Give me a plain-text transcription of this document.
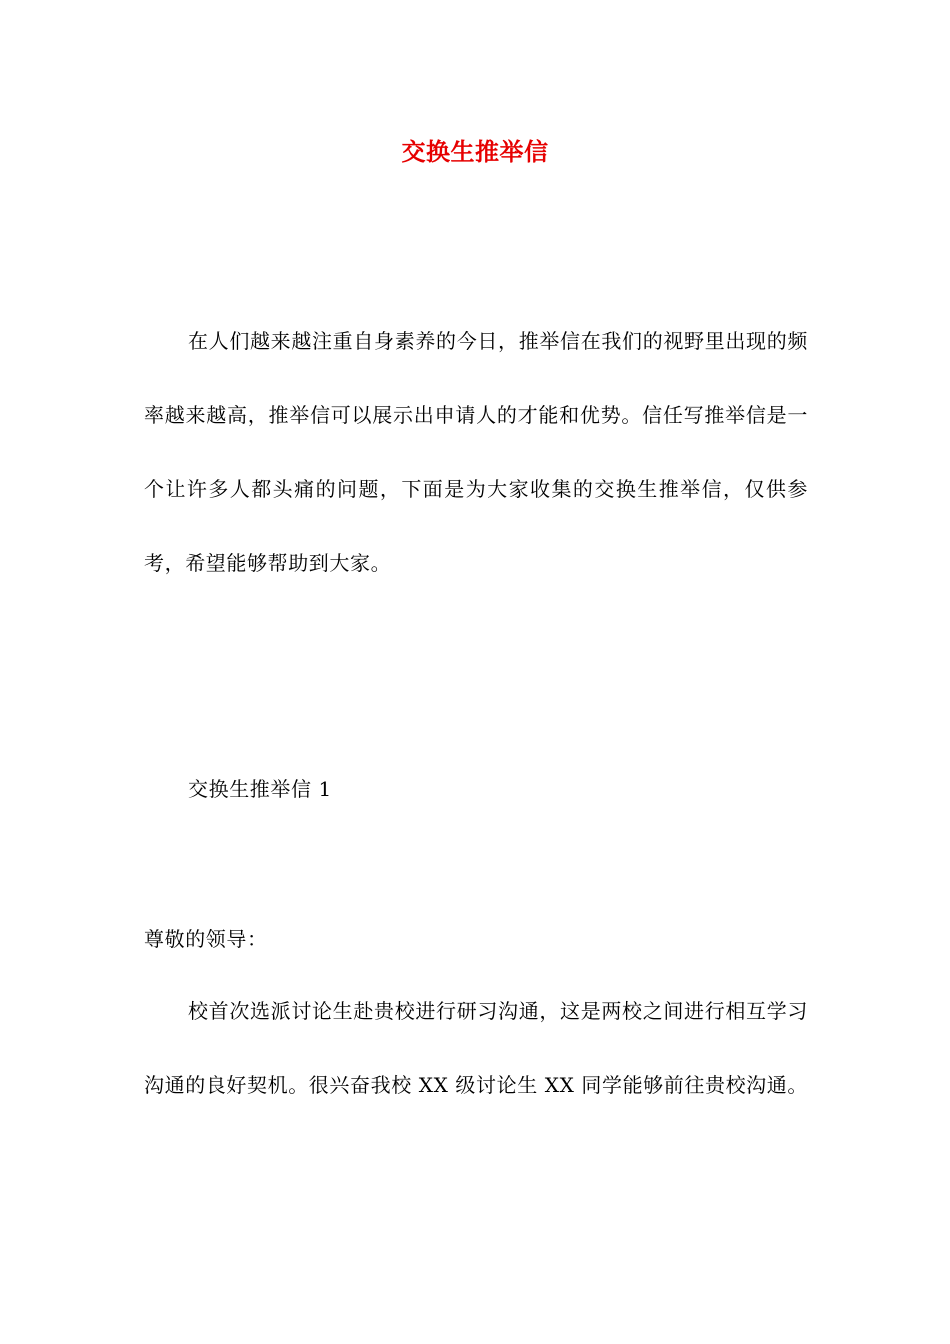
交换生推举信

在人们越来越注重自身素养的今日，推举信在我们的视野里出现的频率越来越高，推举信可以展示出申请人的才能和优势。信任写推举信是一个让许多人都头痛的问题，下面是为大家收集的交换生推举信，仅供参考，希望能够帮助到大家。

交换生推举信 1

尊敬的领导：

校首次选派讨论生赴贵校进行研习沟通，这是两校之间进行相互学习沟通的良好契机。很兴奋我校 XX 级讨论生 XX 同学能够前往贵校沟通。
